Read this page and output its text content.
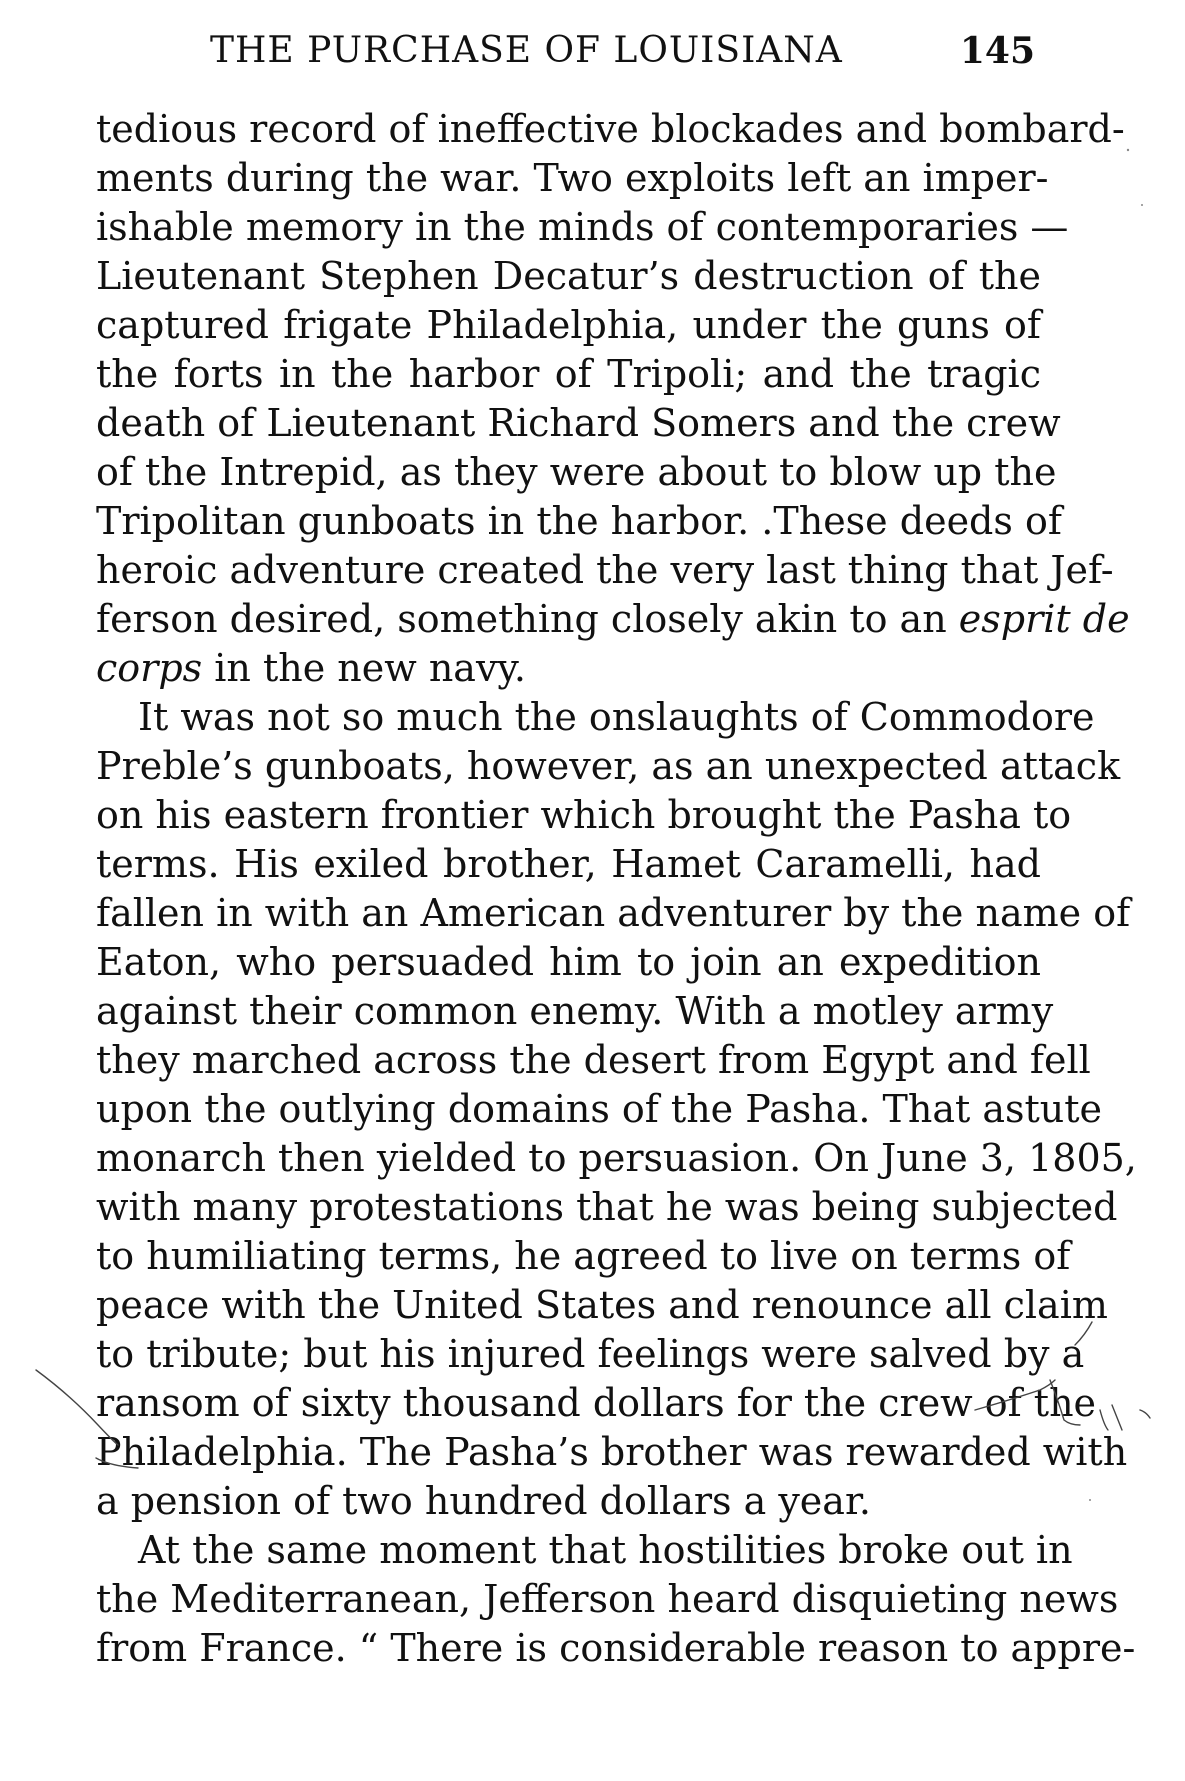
THE PURCHASE OF LOUISIANA	145
tedious record of ineffective blockades and bombard-
ments during the war. Two exploits left an imper-
ishable memory in the minds of contemporaries —
Lieutenant Stephen Decatur’s destruction of the
captured frigate Philadelphia, under the guns of
the forts in the harbor of Tripoli; and the tragic
death of Lieutenant Richard Somers and the crew
of the Intrepid, as they were about to blow up the
Tripolitan gunboats in the harbor. .These deeds of
heroic adventure created the very last thing that Jef-
ferson desired, something closely akin to an esprit de
corps in the new navy.
It was not so much the onslaughts of Commodore
Preble’s gunboats, however, as an unexpected attack
on his eastern frontier which brought the Pasha to
terms. His exiled brother, Hamet Caramelli, had
fallen in with an American adventurer by the name of
Eaton, who persuaded him to join an expedition
against their common enemy. With a motley army
they marched across the desert from Egypt and fell
upon the outlying domains of the Pasha. That astute
monarch then yielded to persuasion. On June 3, 1805,
with many protestations that he was being subjected
to humiliating terms, he agreed to live on terms of
peace with the United States and renounce all claim
to tribute; but his injured feelings were salved by a
ransom of sixty thousand dollars for the crew of the
Philadelphia. The Pasha’s brother was rewarded with
a pension of two hundred dollars a year.
At the same moment that hostilities broke out in
the Mediterranean, Jefferson heard disquieting news
from France. “ There is considerable reason to appre-
